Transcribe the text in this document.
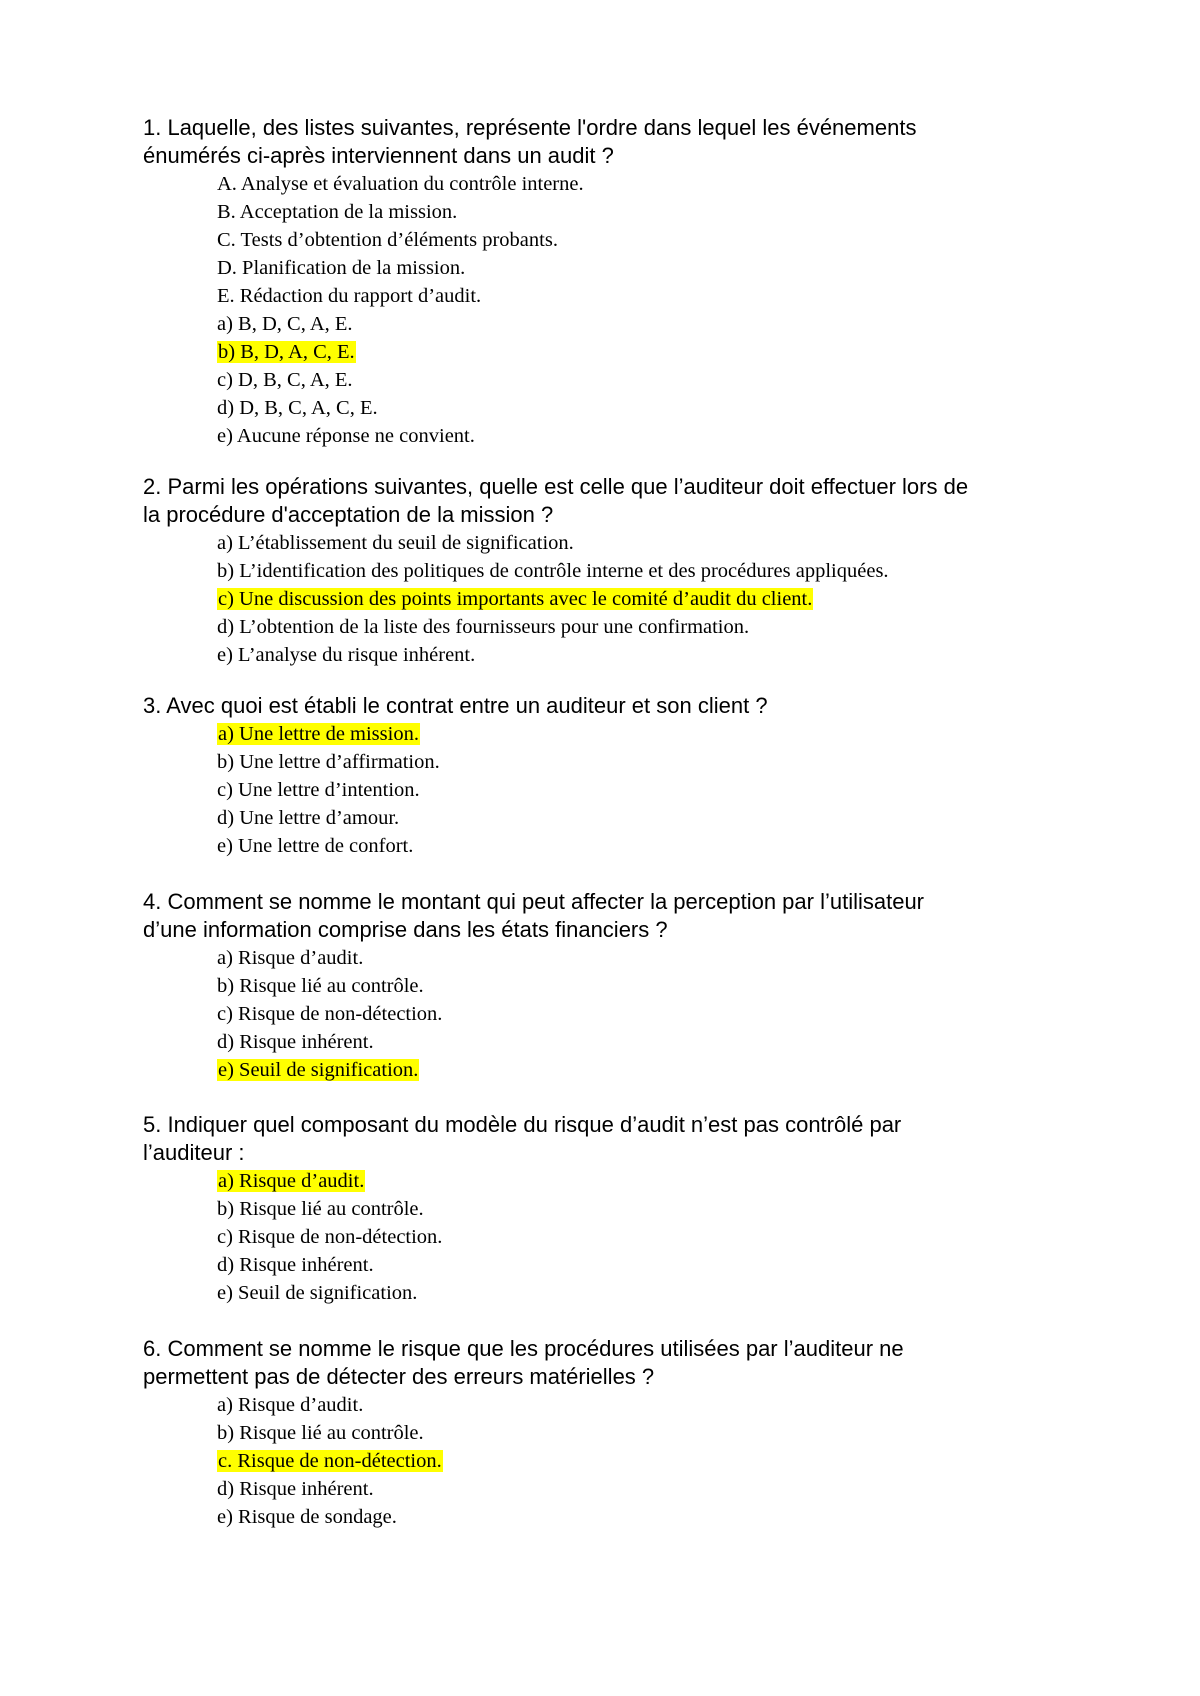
1. Laquelle, des listes suivantes, représente l'ordre dans lequel les événements
énumérés ci-après interviennent dans un audit ?

A. Analyse et évaluation du contrôle interne.
B. Acceptation de la mission.
C. Tests d’obtention d’éléments probants.
D. Planification de la mission.
E. Rédaction du rapport d’audit.
a) B, D, C, A, E.
b) B, D, A, C, E.
c) D, B, C, A, E.
d) D, B, C, A, C, E.
e) Aucune réponse ne convient.

2. Parmi les opérations suivantes, quelle est celle que l’auditeur doit effectuer lors de
la procédure d'acceptation de la mission ?

a) L’établissement du seuil de signification.
b) L’identification des politiques de contrôle interne et des procédures appliquées.
c) Une discussion des points importants avec le comité d’audit du client.
d) L’obtention de la liste des fournisseurs pour une confirmation.
e) L’analyse du risque inhérent.

3. Avec quoi est établi le contrat entre un auditeur et son client ?

a) Une lettre de mission.
b) Une lettre d’affirmation.
c) Une lettre d’intention.
d) Une lettre d’amour.
e) Une lettre de confort.

4. Comment se nomme le montant qui peut affecter la perception par l’utilisateur
d’une information comprise dans les états financiers ?

a) Risque d’audit.
b) Risque lié au contrôle.
c) Risque de non-détection.
d) Risque inhérent.
e) Seuil de signification.

5. Indiquer quel composant du modèle du risque d’audit n’est pas contrôlé par
l’auditeur :

a) Risque d’audit.
b) Risque lié au contrôle.
c) Risque de non-détection.
d) Risque inhérent.
e) Seuil de signification.

6. Comment se nomme le risque que les procédures utilisées par l’auditeur ne
permettent pas de détecter des erreurs matérielles ?

a) Risque d’audit.
b) Risque lié au contrôle.
c. Risque de non-détection.
d) Risque inhérent.
e) Risque de sondage.
